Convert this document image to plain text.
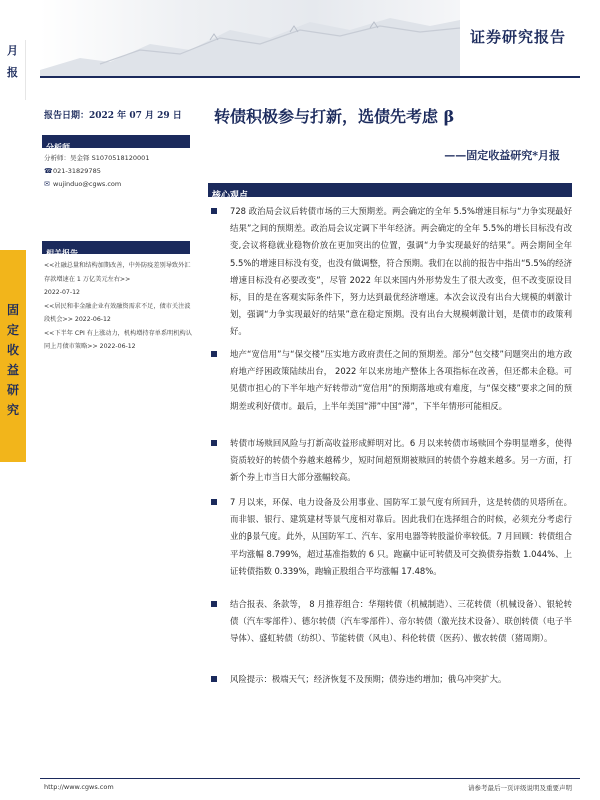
证券研究报告
月
报
固
定
收
益
研
究
报告日期：2022 年 07 月 29 日
分析师
分析师：吴金铎 S1070518120001
☎ 021-31829785
✉ wujinduo@cgws.com
相关报告
<<社融总量和结构加期改善，中外防疫差别导致外汇存款增速在 1 万亿美元左右>>
2022-07-12
<<居民和非金融企业有效融资需求不足，债市关注波段机会>> 2022-06-12
<<下半年 CPI 有上涨动力，机构增持存单系明机构认同上月债市策略>> 2022-06-12
转债积极参与打新，选债先考虑 β
——固定收益研究*月报
核心观点
728 政治局会议后转债市场的三大预期差。两会确定的全年 5.5%增速目标与“力争实现最好结果”之间的预期差。政治局会议定调下半年经济。两会确定的全年 5.5%的增长目标没有改变,会议将稳就业稳物价放在更加突出的位置，强调“力争实现最好的结果”。两会期间全年 5.5%的增速目标没有变，也没有做调整，符合预期。我们在以前的报告中指出“5.5%的经济增速目标没有必要改变”，尽管 2022 年以来国内外形势发生了很大改变，但不改变原设目标，目的是在客观实际条件下，努力达到最优经济增速。本次会议没有出台大规模的刺激计划，强调“力争实现最好的结果”意在稳定预期。没有出台大规模刺激计划，是债市的政策利好。
地产“宽信用”与“保交楼”压实地方政府责任之间的预期差。部分“包交楼”问题突出的地方政府地产纾困政策陆续出台， 2022 年以来房地产整体上各项指标在改善，但还都未企稳。可见债市担心的下半年地产好转带动“宽信用”的预期落地或有难度，与“保交楼”要求之间的预期差或利好债市。最后，上半年美国“滞”中国“滞”，下半年情形可能相反。
转债市场赎回风险与打新高收益形成鲜明对比。6 月以来转债市场赎回个券明显增多，使得资质较好的转债个券越来越稀少，短时间超预期被赎回的转债个券越来越多。另一方面，打新个券上市当日大部分涨幅较高。
7 月以来，环保、电力设备及公用事业、国防军工景气度有所回升，这是转债的贝塔所在。而非银、银行、建筑建材等景气度相对靠后。因此我们在选择组合的时候，必须充分考虑行业的β景气度。此外，从国防军工、汽车、家用电器等转股溢价率较低。7 月回顾：转债组合平均涨幅 8.799%，超过基准指数的 6 只。跑赢中证可转债及可交换债券指数 1.044%、上证转债指数 0.339%，跑输正股组合平均涨幅 17.48%。
结合报表、条款等， 8 月推荐组合：华翔转债（机械制造）、三花转债（机械设备）、银轮转债（汽车零部件）、德尔转债（汽车零部件）、帝尔转债（激光技术设备）、联创转债（电子半导体）、盛虹转债（纺织）、节能转债（风电）、科伦转债（医药）、傲农转债（猪周期）。
风险提示：极端天气；经济恢复不及预期；债券违约增加；俄乌冲突扩大。
http://www.cgws.com	请参考最后一页评级说明及重要声明
